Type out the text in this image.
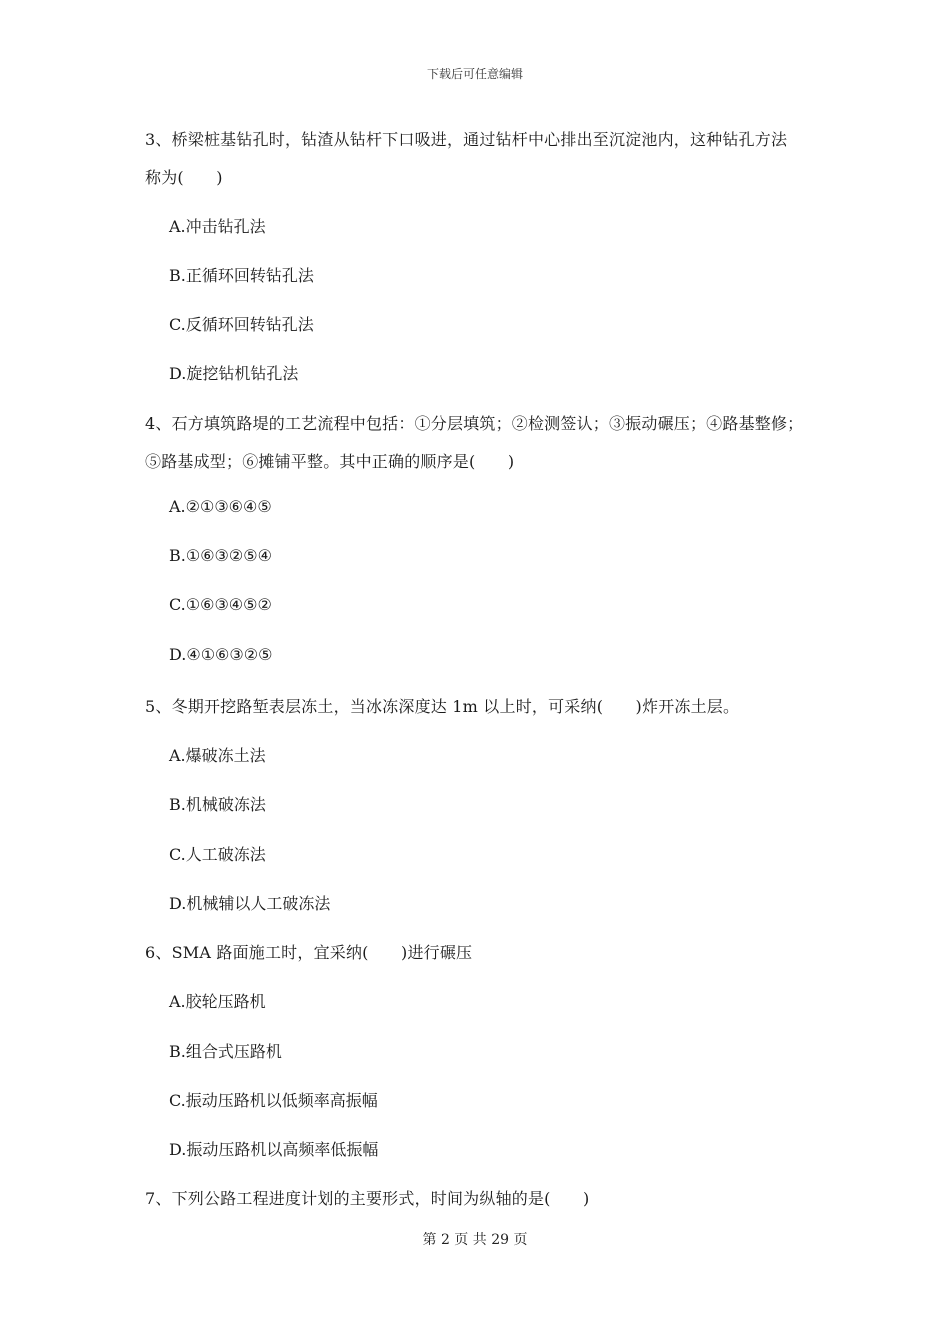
下载后可任意编辑
3、桥梁桩基钻孔时，钻渣从钻杆下口吸进，通过钻杆中心排出至沉淀池内，这种钻孔方法
称为(　　)
A.冲击钻孔法
B.正循环回转钻孔法
C.反循环回转钻孔法
D.旋挖钻机钻孔法
4、石方填筑路堤的工艺流程中包括：①分层填筑；②检测签认；③振动碾压；④路基整修；
⑤路基成型；⑥摊铺平整。其中正确的顺序是(　　)
A.②①③⑥④⑤
B.①⑥③②⑤④
C.①⑥③④⑤②
D.④①⑥③②⑤
5、冬期开挖路堑表层冻土，当冰冻深度达 1m 以上时，可采纳(　　)炸开冻土层。
A.爆破冻土法
B.机械破冻法
C.人工破冻法
D.机械辅以人工破冻法
6、SMA 路面施工时，宜采纳(　　)进行碾压
A.胶轮压路机
B.组合式压路机
C.振动压路机以低频率高振幅
D.振动压路机以高频率低振幅
7、下列公路工程进度计划的主要形式，时间为纵轴的是(　　)
第 2 页 共 29 页
